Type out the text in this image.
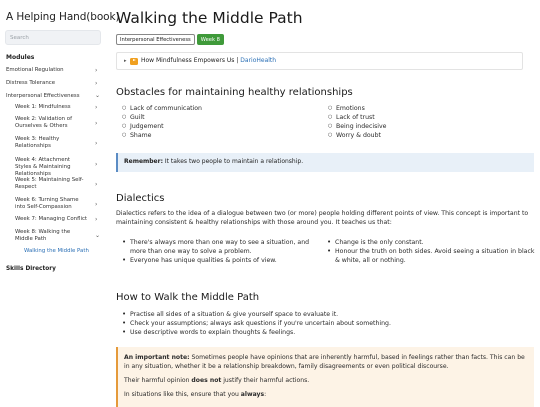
A Helping Hand(book)
Search
Modules
Emotional Regulation	›
Distress Tolerance	›
Interpersonal Effectiveness	⌄
Week 1: Mindfulness	›
Week 2: Validation of Ourselves & Others	›
Week 3: Healthy Relationships	›
Week 4: Attachment Styles & Maintaining Relationships
›
Week 5: Maintaining Self-Respect	›
Week 6: Turning Shame into Self-Compassion	›
Week 7: Managing Conflict	›
Week 8: Walking the Middle Path	⌄
Walking the Middle Path
Skills Directory
Walking the Middle Path
Interpersonal Effectiveness	Week 8
▸ How Mindfulness Empowers Us | DarioHealth
Obstacles for maintaining healthy relationships
○ Lack of communication
○ Guilt
○ Judgement
○ Shame
○ Emotions
○ Lack of trust
○ Being indecisive
○ Worry & doubt
Remember: It takes two people to maintain a relationship.
Dialectics
Dialectics refers to the idea of a dialogue between two (or more) people holding different points of view. This concept is important to maintaining consistent & healthy relationships with those around you. It teaches us that:
• There's always more than one way to see a situation, and more than one way to solve a problem.
• Everyone has unique qualities & points of view.
• Change is the only constant.
• Honour the truth on both sides. Avoid seeing a situation in black & white, all or nothing.
How to Walk the Middle Path
• Practise all sides of a situation & give yourself space to evaluate it.
• Check your assumptions; always ask questions if you're uncertain about something.
• Use descriptive words to explain thoughts & feelings.

An important note: Sometimes people have opinions that are inherently harmful, based in feelings rather than facts. This can be in any situation, whether it be a relationship breakdown, family disagreements or even political discourse.

Their harmful opinion does not justify their harmful actions.

In situations like this, ensure that you always:
